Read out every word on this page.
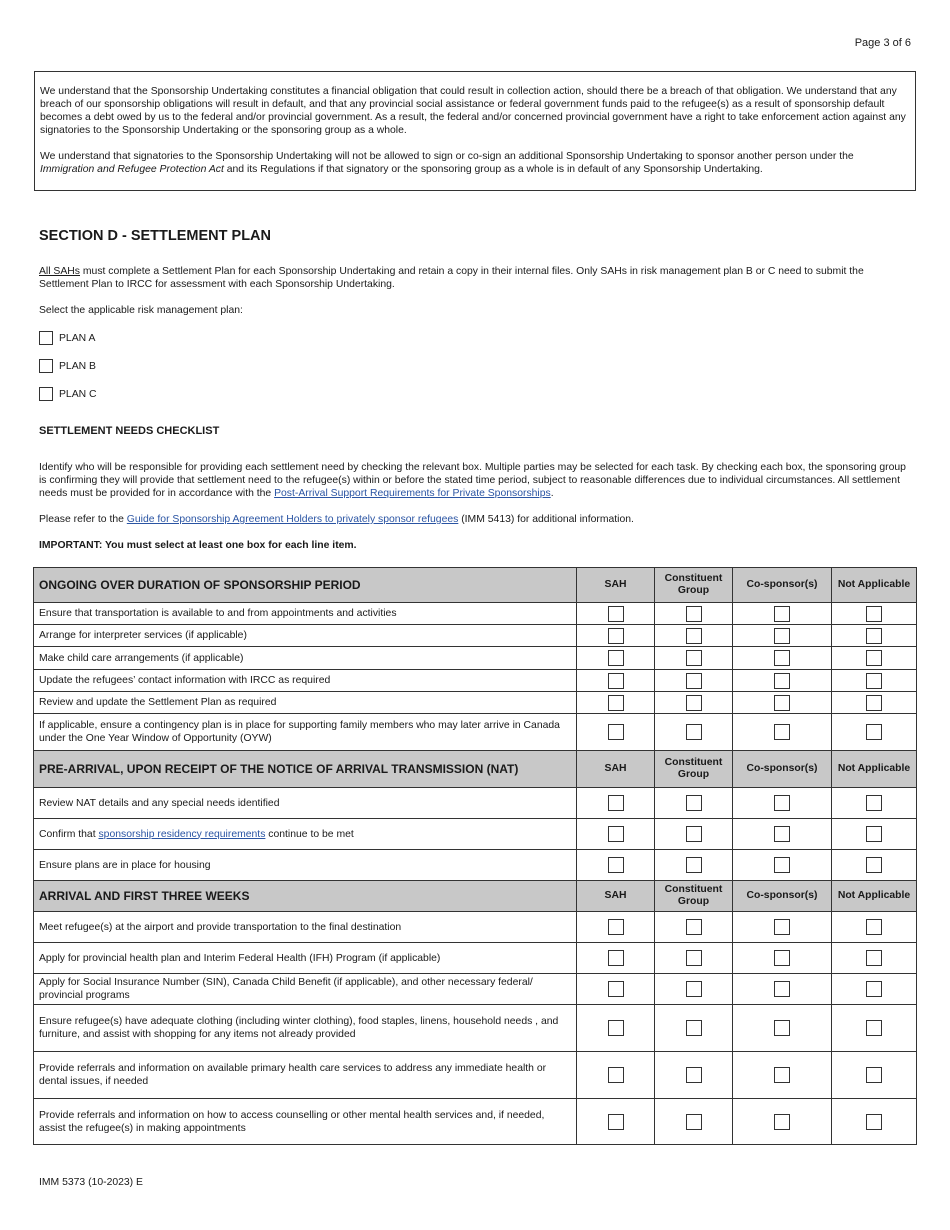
Page 3 of 6

We understand that the Sponsorship Undertaking constitutes a financial obligation that could result in collection action, should there be a breach of that obligation. We understand that any breach of our sponsorship obligations will result in default, and that any provincial social assistance or federal government funds paid to the refugee(s) as a result of sponsorship default becomes a debt owed by us to the federal and/or provincial government. As a result, the federal and/or concerned provincial government have a right to take enforcement action against any signatories to the Sponsorship Undertaking or the sponsoring group as a whole.

We understand that signatories to the Sponsorship Undertaking will not be allowed to sign or co-sign an additional Sponsorship Undertaking to sponsor another person under the Immigration and Refugee Protection Act and its Regulations if that signatory or the sponsoring group as a whole is in default of any Sponsorship Undertaking.

SECTION D - SETTLEMENT PLAN
All SAHs must complete a Settlement Plan for each Sponsorship Undertaking and retain a copy in their internal files. Only SAHs in risk management plan B or C need to submit the Settlement Plan to IRCC for assessment with each Sponsorship Undertaking.
Select the applicable risk management plan:
PLAN A
PLAN B
PLAN C
SETTLEMENT NEEDS CHECKLIST

Identify who will be responsible for providing each settlement need by checking the relevant box. Multiple parties may be selected for each task. By checking each box, the sponsoring group is confirming they will provide that settlement need to the refugee(s) within or before the stated time period, subject to reasonable differences due to individual circumstances. All settlement needs must be provided for in accordance with the Post-Arrival Support Requirements for Private Sponsorships.

Please refer to the Guide for Sponsorship Agreement Holders to privately sponsor refugees (IMM 5413) for additional information.

IMPORTANT: You must select at least one box for each line item.

ONGOING OVER DURATION OF SPONSORSHIP PERIOD	SAH	Constituent Group	Co-sponsor(s)	Not Applicable
Ensure that transportation is available to and from appointments and activities				
Arrange for interpreter services (if applicable)				
Make child care arrangements (if applicable)				
Update the refugees’ contact information with IRCC as required				
Review and update the Settlement Plan as required				
If applicable, ensure a contingency plan is in place for supporting family members who may later arrive in Canada under the One Year Window of Opportunity (OYW)				
PRE-ARRIVAL, UPON RECEIPT OF THE NOTICE OF ARRIVAL TRANSMISSION (NAT)	SAH	Constituent Group	Co-sponsor(s)	Not Applicable
Review NAT details and any special needs identified				
Confirm that sponsorship residency requirements continue to be met				
Ensure plans are in place for housing				
ARRIVAL AND FIRST THREE WEEKS	SAH	Constituent Group	Co-sponsor(s)	Not Applicable
Meet refugee(s) at the airport and provide transportation to the final destination				
Apply for provincial health plan and Interim Federal Health (IFH) Program (if applicable)				
Apply for Social Insurance Number (SIN), Canada Child Benefit (if applicable), and other necessary federal/ provincial programs				
Ensure refugee(s) have adequate clothing (including winter clothing), food staples, linens, household needs , and furniture, and assist with shopping for any items not already provided				
Provide referrals and information on available primary health care services to address any immediate health or dental issues, if needed				
Provide referrals and information on how to access counselling or other mental health services and, if needed, assist the refugee(s) in making appointments				
IMM 5373 (10-2023) E
